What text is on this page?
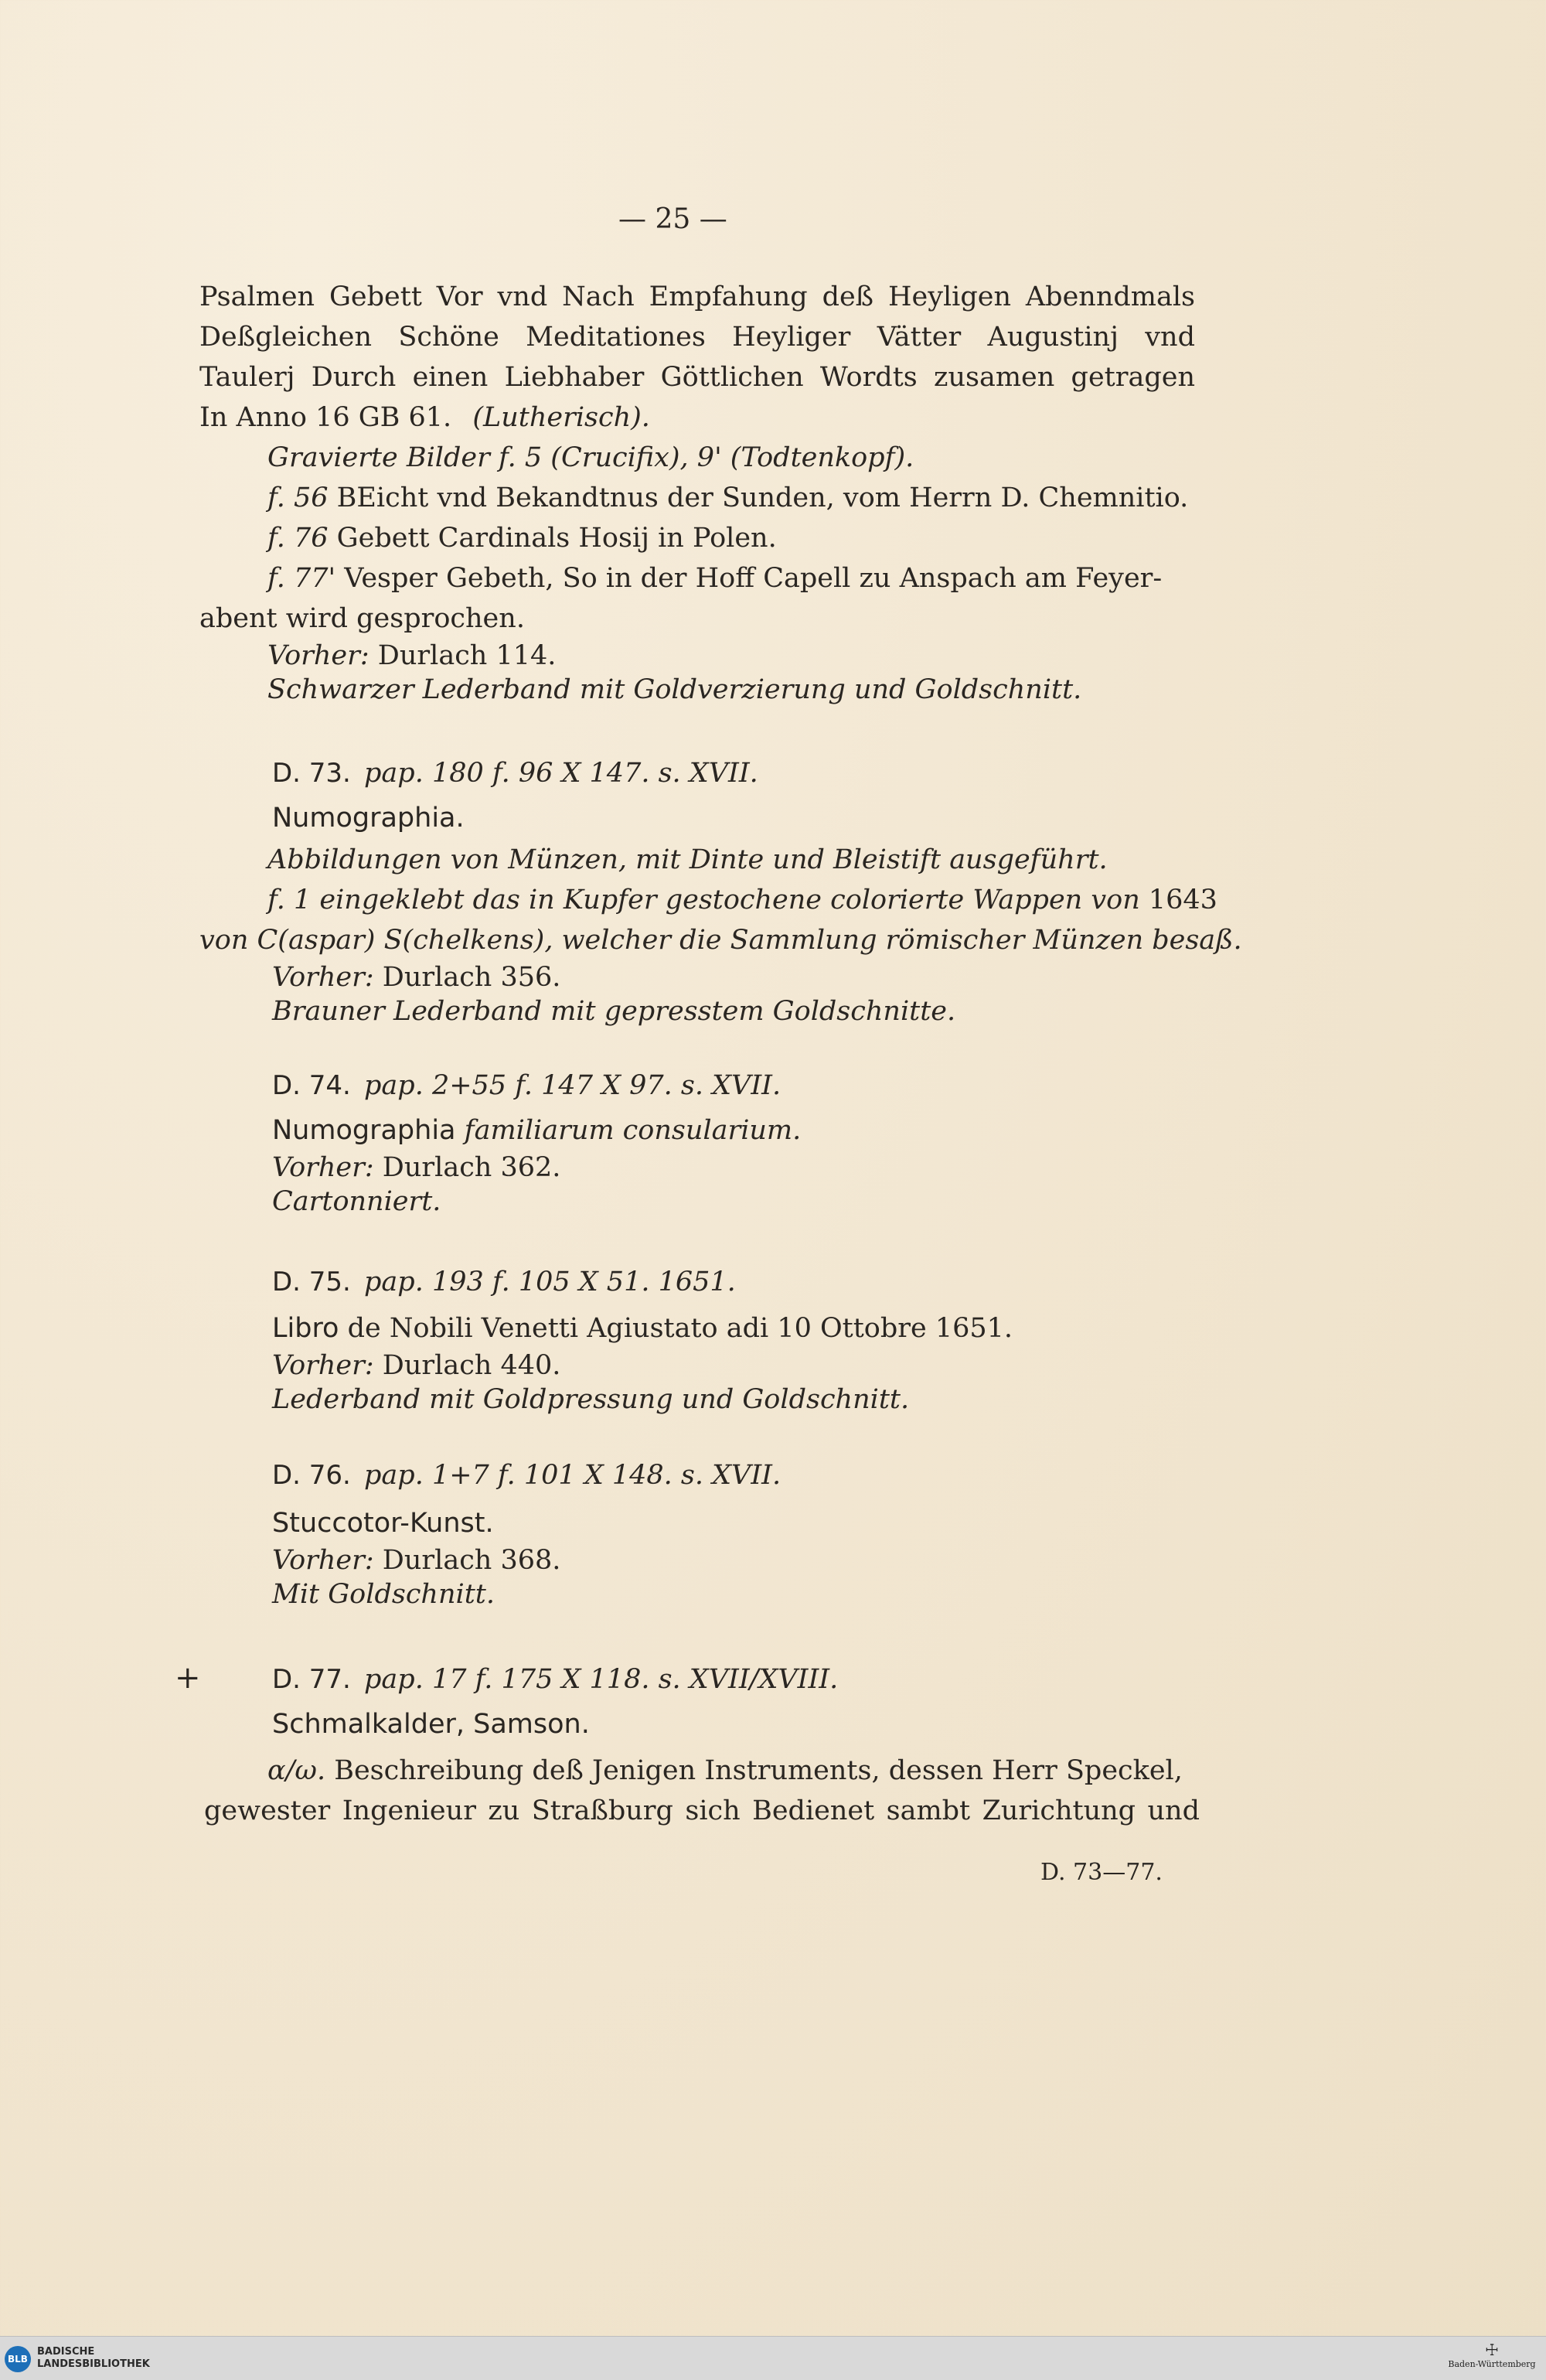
— 25 —
Psalmen Gebett Vor vnd Nach Empfahung deß Heyligen Abenndmals
Deßgleichen Schöne Meditationes Heyliger Vätter Augustinj vnd
Taulerj Durch einen Liebhaber Göttlichen Wordts zusamen getragen
In Anno 16 GB 61. (Lutherisch).
Gravierte Bilder f. 5 (Crucifix), 9' (Todtenkopf).
f. 56 BEicht vnd Bekandtnus der Sunden, vom Herrn D. Chemnitio.
f. 76 Gebett Cardinals Hosij in Polen.
f. 77' Vesper Gebeth, So in der Hoff Capell zu Anspach am Feyer-
abent wird gesprochen.
Vorher: Durlach 114.
Schwarzer Lederband mit Goldverzierung und Goldschnitt.
D. 73. pap. 180 f. 96 X 147. s. XVII.
Numographia.
Abbildungen von Münzen, mit Dinte und Bleistift ausgeführt.
f. 1 eingeklebt das in Kupfer gestochene colorierte Wappen von 1643
von C(aspar) S(chelkens), welcher die Sammlung römischer Münzen besaß.
Vorher: Durlach 356.
Brauner Lederband mit gepresstem Goldschnitte.
D. 74. pap. 2+55 f. 147 X 97. s. XVII.
Numographia familiarum consularium.
Vorher: Durlach 362.
Cartonniert.
D. 75. pap. 193 f. 105 X 51. 1651.
Libro de Nobili Venetti Agiustato adi 10 Ottobre 1651.
Vorher: Durlach 440.
Lederband mit Goldpressung und Goldschnitt.
D. 76. pap. 1+7 f. 101 X 148. s. XVII.
Stuccotor-Kunst.
Vorher: Durlach 368.
Mit Goldschnitt.
+	D. 77. pap. 17 f. 175 X 118. s. XVII/XVIII.
Schmalkalder, Samson.
α/ω. Beschreibung deß Jenigen Instruments, dessen Herr Speckel,
gewester Ingenieur zu Straßburg sich Bedienet sambt Zurichtung und
D. 73—77.
BLB
BADISCHE
LANDESBIBLIOTHEK
☩
Baden-Württemberg
